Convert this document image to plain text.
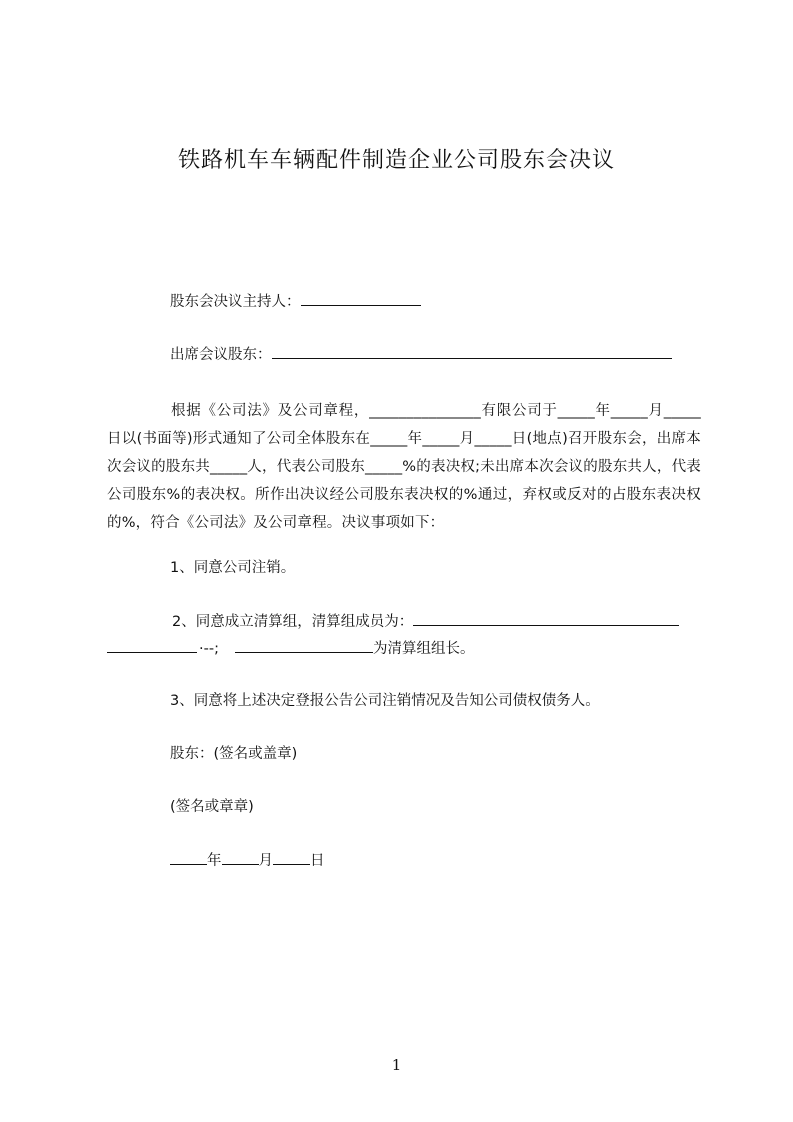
铁路机车车辆配件制造企业公司股东会决议
股东会决议主持人：
出席会议股东：
根据《公司法》及公司章程，_______________有限公司于_____年_____月_____日以(书面等)形式通知了公司全体股东在_____年_____月_____日(地点)召开股东会，出席本次会议的股东共_____人，代表公司股东_____%的表决权;未出席本次会议的股东共人，代表公司股东%的表决权。所作出决议经公司股东表决权的%通过，弃权或反对的占股东表决权的%，符合《公司法》及公司章程。决议事项如下：
1、同意公司注销。
2、同意成立清算组，清算组成员为：
·--;	为清算组组长。
3、同意将上述决定登报公告公司注销情况及告知公司债权债务人。
股东：(签名或盖章)
(签名或章章)
年	月	日
1
